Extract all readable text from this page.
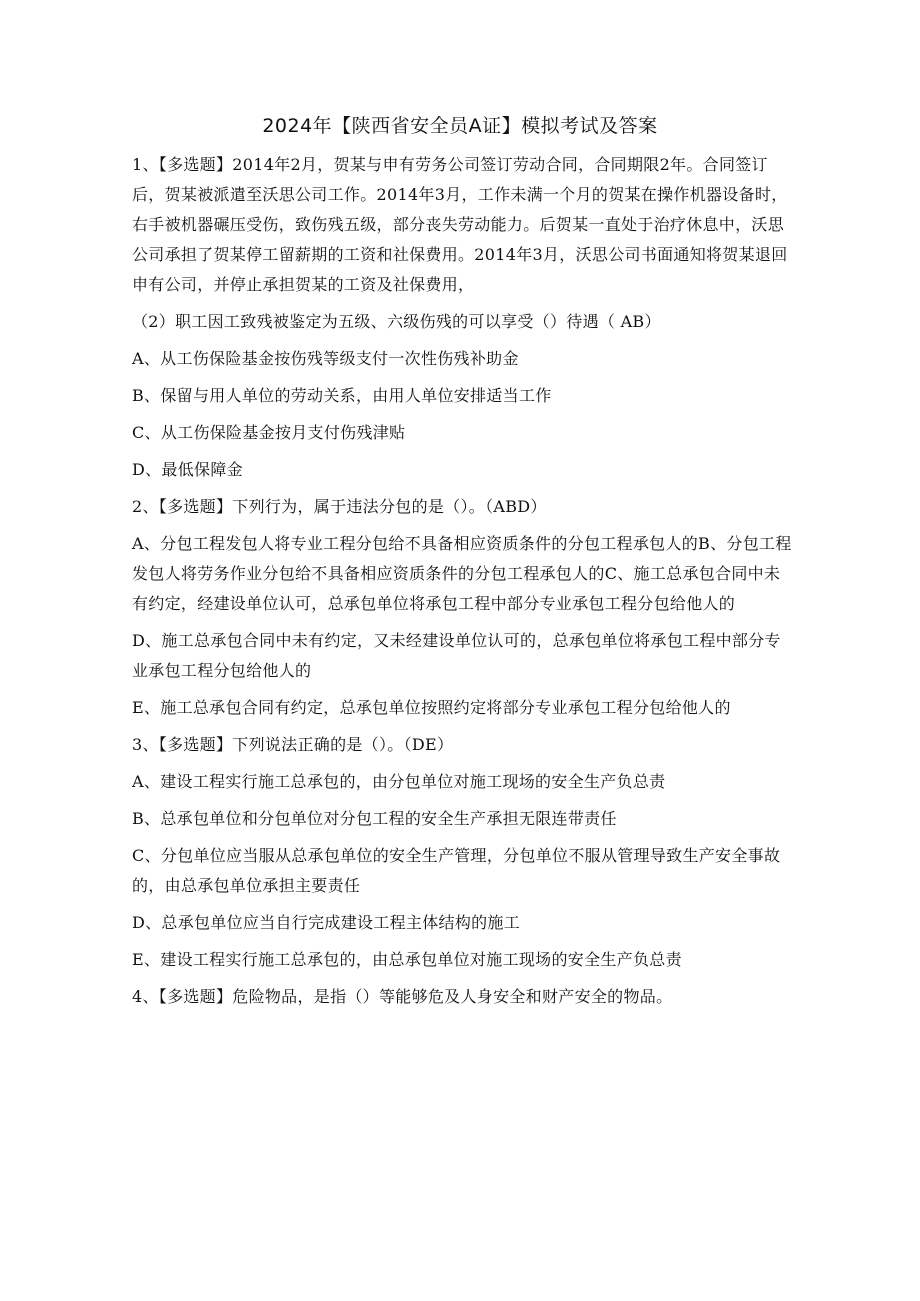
2024年【陕西省安全员A证】模拟考试及答案

1、【多选题】2014年2月，贺某与申有劳务公司签订劳动合同，合同期限2年。合同签订后，贺某被派遣至沃思公司工作。2014年3月，工作未满一个月的贺某在操作机器设备时，右手被机器碾压受伤，致伤残五级，部分丧失劳动能力。后贺某一直处于治疗休息中，沃思公司承担了贺某停工留薪期的工资和社保费用。2014年3月，沃思公司书面通知将贺某退回申有公司，并停止承担贺某的工资及社保费用，

（2）职工因工致残被鉴定为五级、六级伤残的可以享受（）待遇（ AB）

A、从工伤保险基金按伤残等级支付一次性伤残补助金

B、保留与用人单位的劳动关系，由用人单位安排适当工作

C、从工伤保险基金按月支付伤残津贴

D、最低保障金

2、【多选题】下列行为，属于违法分包的是（）。（ABD）

A、分包工程发包人将专业工程分包给不具备相应资质条件的分包工程承包人的B、分包工程发包人将劳务作业分包给不具备相应资质条件的分包工程承包人的C、施工总承包合同中未有约定，经建设单位认可，总承包单位将承包工程中部分专业承包工程分包给他人的

D、施工总承包合同中未有约定，又未经建设单位认可的，总承包单位将承包工程中部分专业承包工程分包给他人的

E、施工总承包合同有约定，总承包单位按照约定将部分专业承包工程分包给他人的

3、【多选题】下列说法正确的是（）。（DE）

A、建设工程实行施工总承包的，由分包单位对施工现场的安全生产负总责

B、总承包单位和分包单位对分包工程的安全生产承担无限连带责任

C、分包单位应当服从总承包单位的安全生产管理，分包单位不服从管理导致生产安全事故的，由总承包单位承担主要责任

D、总承包单位应当自行完成建设工程主体结构的施工

E、建设工程实行施工总承包的，由总承包单位对施工现场的安全生产负总责

4、【多选题】危险物品，是指（）等能够危及人身安全和财产安全的物品。
